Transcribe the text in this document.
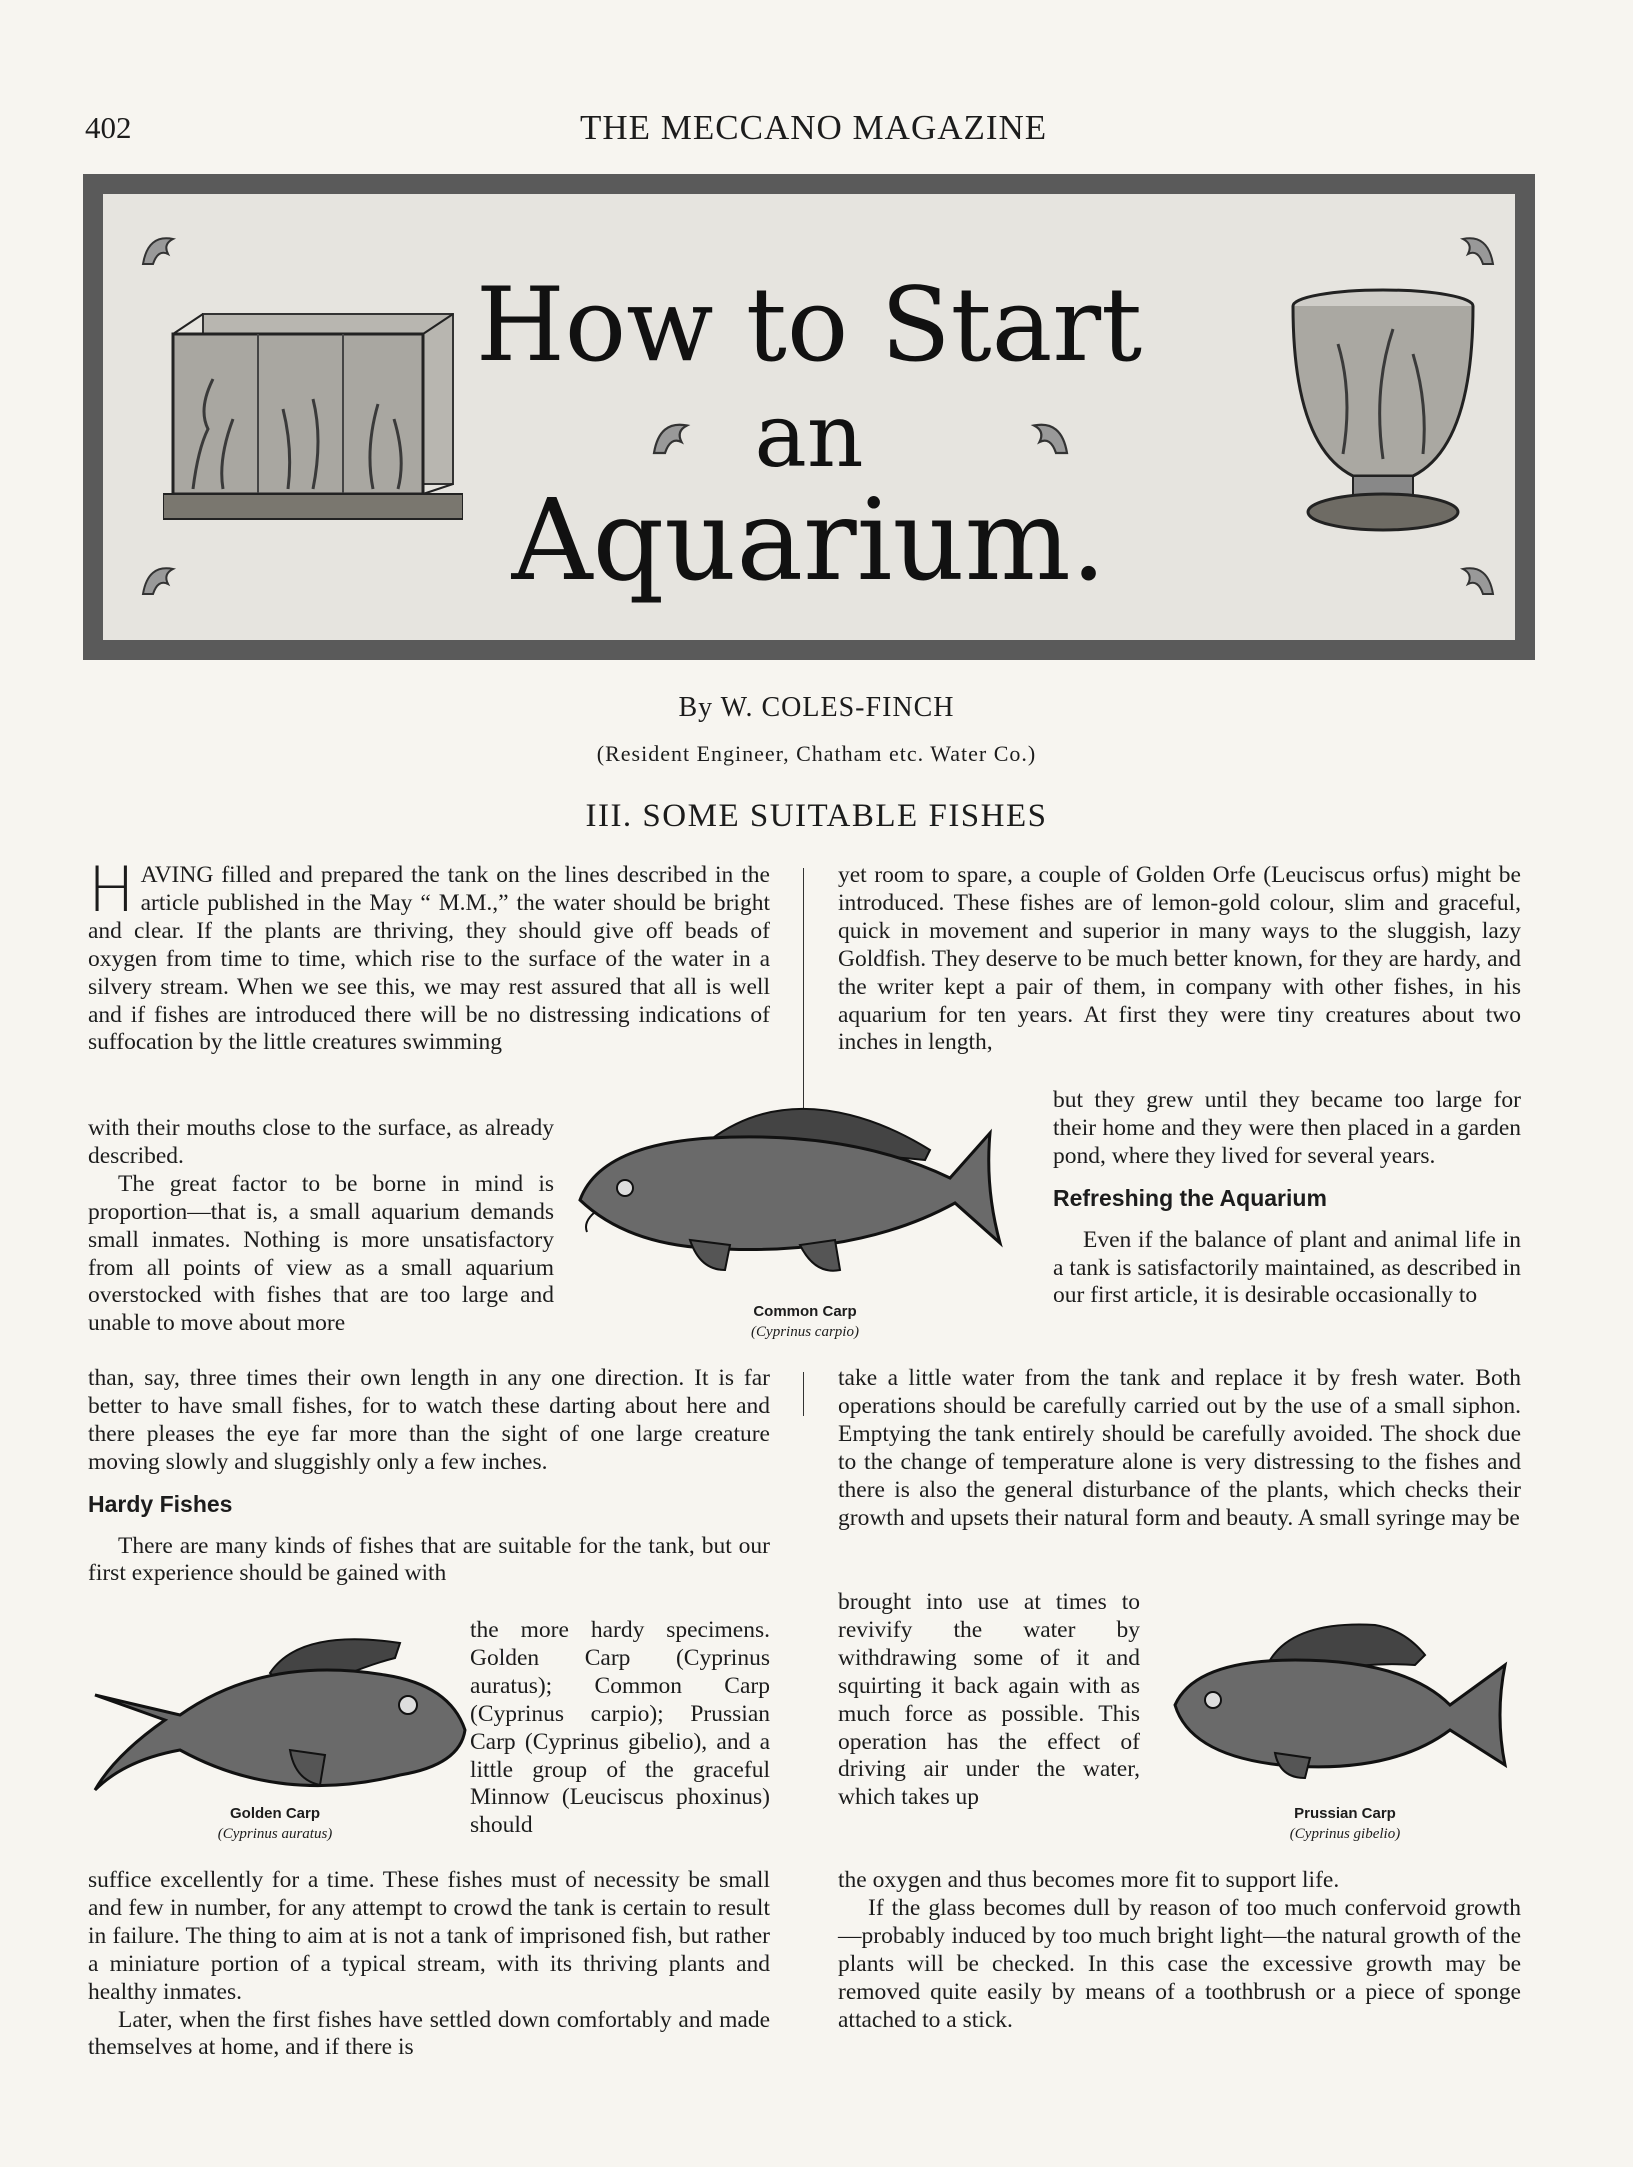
402	THE MECCANO MAGAZINE
How to Start
an
Aquarium.
By W. COLES-FINCH
(Resident Engineer, Chatham etc. Water Co.)
III. SOME SUITABLE FISHES

HAVING filled and prepared the tank on the lines described in the article published in the May “ M.M.,” the water should be bright and clear. If the plants are thriving, they should give off beads of oxygen from time to time, which rise to the surface of the water in a silvery stream. When we see this, we may rest assured that all is well and if fishes are introduced there will be no distressing indications of suffocation by the little creatures swimming

with their mouths close to the surface, as already described.

The great factor to be borne in mind is proportion—that is, a small aquarium demands small inmates. Nothing is more unsatisfactory from all points of view as a small aquarium overstocked with fishes that are too large and unable to move about more

than, say, three times their own length in any one direction. It is far better to have small fishes, for to watch these darting about here and there pleases the eye far more than the sight of one large creature moving slowly and sluggishly only a few inches.

Hardy Fishes

There are many kinds of fishes that are suitable for the tank, but our first experience should be gained with

the more hardy specimens. Golden Carp (Cyprinus auratus); Common Carp (Cyprinus carpio); Prussian Carp (Cyprinus gibelio), and a little group of the graceful Minnow (Leuciscus phoxinus) should

suffice excellently for a time. These fishes must of necessity be small and few in number, for any attempt to crowd the tank is certain to result in failure. The thing to aim at is not a tank of imprisoned fish, but rather a miniature portion of a typical stream, with its thriving plants and healthy inmates.

Later, when the first fishes have settled down comfortably and made themselves at home, and if there is

yet room to spare, a couple of Golden Orfe (Leuciscus orfus) might be introduced. These fishes are of lemon-gold colour, slim and graceful, quick in movement and superior in many ways to the sluggish, lazy Goldfish. They deserve to be much better known, for they are hardy, and the writer kept a pair of them, in company with other fishes, in his aquarium for ten years. At first they were tiny creatures about two inches in length,

but they grew until they became too large for their home and they were then placed in a garden pond, where they lived for several years.

Refreshing the Aquarium

Even if the balance of plant and animal life in a tank is satisfactorily maintained, as described in our first article, it is desirable occasionally to

take a little water from the tank and replace it by fresh water. Both operations should be carefully carried out by the use of a small siphon. Emptying the tank entirely should be carefully avoided. The shock due to the change of temperature alone is very distressing to the fishes and there is also the general disturbance of the plants, which checks their growth and upsets their natural form and beauty. A small syringe may be

brought into use at times to revivify the water by withdrawing some of it and squirting it back again with as much force as possible. This operation has the effect of driving air under the water, which takes up

the oxygen and thus becomes more fit to support life.

If the glass becomes dull by reason of too much confervoid growth—probably induced by too much bright light—the natural growth of the plants will be checked. In this case the excessive growth may be removed quite easily by means of a toothbrush or a piece of sponge attached to a stick.

Common Carp
(Cyprinus carpio)
Golden Carp
(Cyprinus auratus)
Prussian Carp
(Cyprinus gibelio)
